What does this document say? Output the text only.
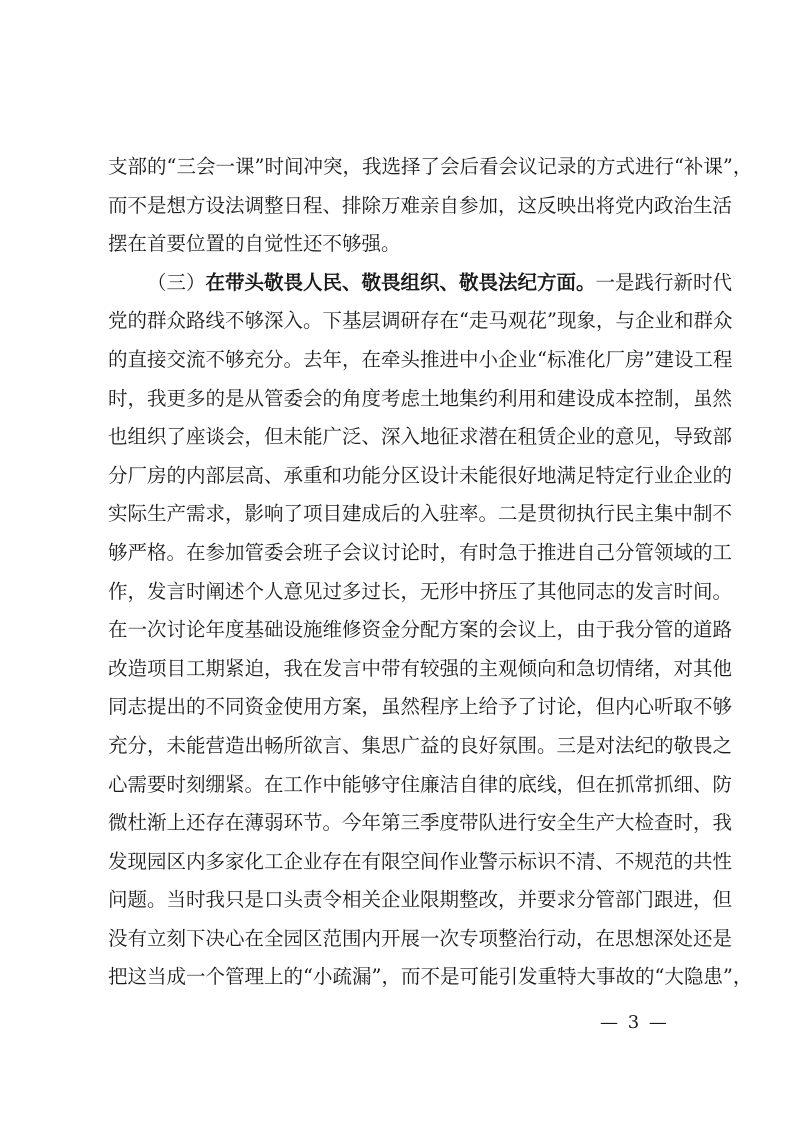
支部的“三会一课”时间冲突，我选择了会后看会议记录的方式进行“补课”，
而不是想方设法调整日程、排除万难亲自参加，这反映出将党内政治生活
摆在首要位置的自觉性还不够强。
（三）在带头敬畏人民、敬畏组织、敬畏法纪方面。一是践行新时代
党的群众路线不够深入。下基层调研存在“走马观花”现象，与企业和群众
的直接交流不够充分。去年，在牵头推进中小企业“标准化厂房”建设工程
时，我更多的是从管委会的角度考虑土地集约利用和建设成本控制，虽然
也组织了座谈会，但未能广泛、深入地征求潜在租赁企业的意见，导致部
分厂房的内部层高、承重和功能分区设计未能很好地满足特定行业企业的
实际生产需求，影响了项目建成后的入驻率。二是贯彻执行民主集中制不
够严格。在参加管委会班子会议讨论时，有时急于推进自己分管领域的工
作，发言时阐述个人意见过多过长，无形中挤压了其他同志的发言时间。
在一次讨论年度基础设施维修资金分配方案的会议上，由于我分管的道路
改造项目工期紧迫，我在发言中带有较强的主观倾向和急切情绪，对其他
同志提出的不同资金使用方案，虽然程序上给予了讨论，但内心听取不够
充分，未能营造出畅所欲言、集思广益的良好氛围。三是对法纪的敬畏之
心需要时刻绷紧。在工作中能够守住廉洁自律的底线，但在抓常抓细、防
微杜渐上还存在薄弱环节。今年第三季度带队进行安全生产大检查时，我
发现园区内多家化工企业存在有限空间作业警示标识不清、不规范的共性
问题。当时我只是口头责令相关企业限期整改，并要求分管部门跟进，但
没有立刻下决心在全园区范围内开展一次专项整治行动，在思想深处还是
把这当成一个管理上的“小疏漏”，而不是可能引发重特大事故的“大隐患”，
— 3 —
